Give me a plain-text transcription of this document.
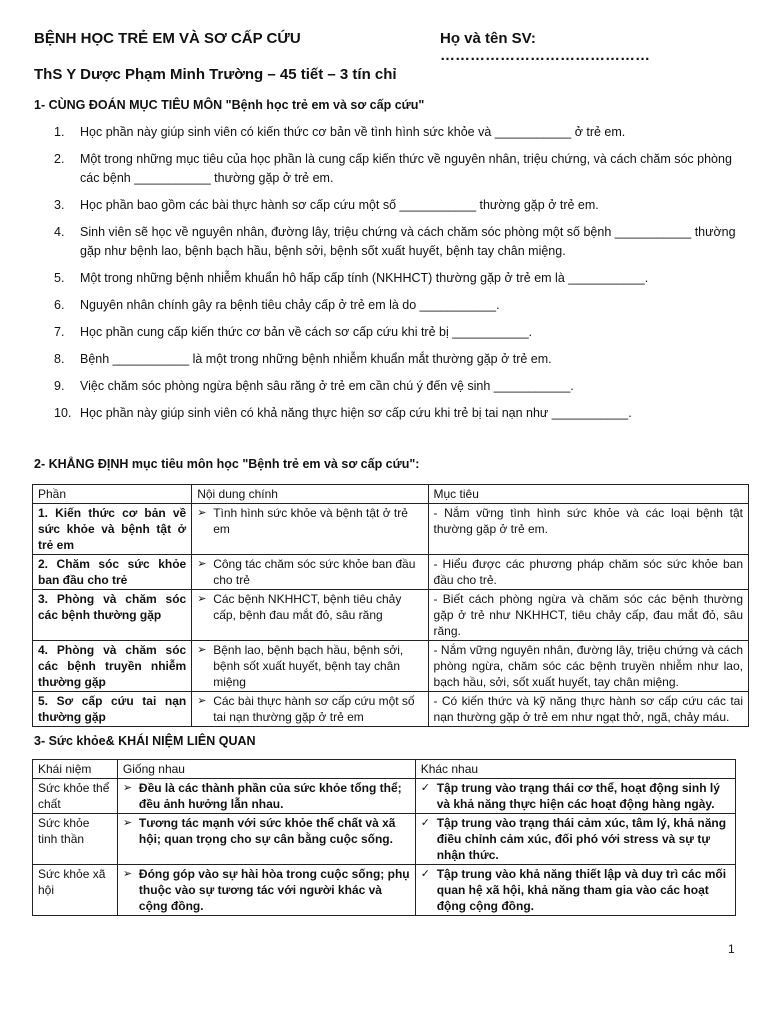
BỆNH HỌC TRẺ EM VÀ SƠ CẤP CỨU	Họ và tên SV: ……………………………………
ThS Y Dược Phạm Minh Trường – 45 tiết – 3 tín chỉ
1- CÙNG ĐOÁN MỤC TIÊU MÔN "Bệnh học trẻ em và sơ cấp cứu"
1. Học phần này giúp sinh viên có kiến thức cơ bản về tình hình sức khỏe và ___________ ở trẻ em.
2. Một trong những mục tiêu của học phần là cung cấp kiến thức về nguyên nhân, triệu chứng, và cách chăm sóc phòng các bệnh ___________ thường gặp ở trẻ em.
3. Học phần bao gồm các bài thực hành sơ cấp cứu một số ___________ thường gặp ở trẻ em.
4. Sinh viên sẽ học về nguyên nhân, đường lây, triệu chứng và cách chăm sóc phòng một số bệnh ___________ thường gặp như bệnh lao, bệnh bạch hầu, bệnh sởi, bệnh sốt xuất huyết, bệnh tay chân miệng.
5. Một trong những bệnh nhiễm khuẩn hô hấp cấp tính (NKHHCT) thường gặp ở trẻ em là ___________.
6. Nguyên nhân chính gây ra bệnh tiêu chảy cấp ở trẻ em là do ___________.
7. Học phần cung cấp kiến thức cơ bản về cách sơ cấp cứu khi trẻ bị ___________.
8. Bệnh ___________ là một trong những bệnh nhiễm khuẩn mắt thường gặp ở trẻ em.
9. Việc chăm sóc phòng ngừa bệnh sâu răng ở trẻ em cần chú ý đến vệ sinh ___________.
10. Học phần này giúp sinh viên có khả năng thực hiện sơ cấp cứu khi trẻ bị tai nạn như ___________.
2- KHẲNG ĐỊNH mục tiêu môn học "Bệnh trẻ em và sơ cấp cứu":
Phần	Nội dung chính	Mục tiêu
1. Kiến thức cơ bản về sức khỏe và bệnh tật ở trẻ em	➢ Tình hình sức khỏe và bệnh tật ở trẻ em	- Nắm vững tình hình sức khỏe và các loại bệnh tật thường gặp ở trẻ em.
2. Chăm sóc sức khỏe ban đầu cho trẻ	➢ Công tác chăm sóc sức khỏe ban đầu cho trẻ	- Hiểu được các phương pháp chăm sóc sức khỏe ban đầu cho trẻ.
3. Phòng và chăm sóc các bệnh thường gặp	➢ Các bệnh NKHHCT, bệnh tiêu chảy cấp, bệnh đau mắt đỏ, sâu răng	- Biết cách phòng ngừa và chăm sóc các bệnh thường gặp ở trẻ như NKHHCT, tiêu chảy cấp, đau mắt đỏ, sâu răng.
4. Phòng và chăm sóc các bệnh truyền nhiễm thường gặp	➢ Bệnh lao, bệnh bạch hầu, bệnh sởi, bệnh sốt xuất huyết, bệnh tay chân miệng	- Nắm vững nguyên nhân, đường lây, triệu chứng và cách phòng ngừa, chăm sóc các bệnh truyền nhiễm như lao, bạch hầu, sởi, sốt xuất huyết, tay chân miệng.
5. Sơ cấp cứu tai nạn thường gặp	➢ Các bài thực hành sơ cấp cứu một số tai nạn thường gặp ở trẻ em	- Có kiến thức và kỹ năng thực hành sơ cấp cứu các tai nạn thường gặp ở trẻ em như ngạt thở, ngã, chảy máu.
3- Sức khỏe& KHÁI NIỆM LIÊN QUAN
Khái niệm	Giống nhau	Khác nhau
Sức khỏe thể chất	➢ Đều là các thành phần của sức khỏe tổng thể; đều ảnh hưởng lẫn nhau.	✓ Tập trung vào trạng thái cơ thể, hoạt động sinh lý và khả năng thực hiện các hoạt động hàng ngày.

Sức khỏe tinh thần	➢ Tương tác mạnh với sức khỏe thể chất và xã hội; quan trọng cho sự cân bằng cuộc sống.	✓ Tập trung vào trạng thái cảm xúc, tâm lý, khả năng điều chỉnh cảm xúc, đối phó với stress và sự tự nhận thức.

Sức khỏe xã hội	➢ Đóng góp vào sự hài hòa trong cuộc sống; phụ thuộc vào sự tương tác với người khác và cộng đồng.	✓ Tập trung vào khả năng thiết lập và duy trì các mối quan hệ xã hội, khả năng tham gia vào các hoạt động cộng đồng.
1
